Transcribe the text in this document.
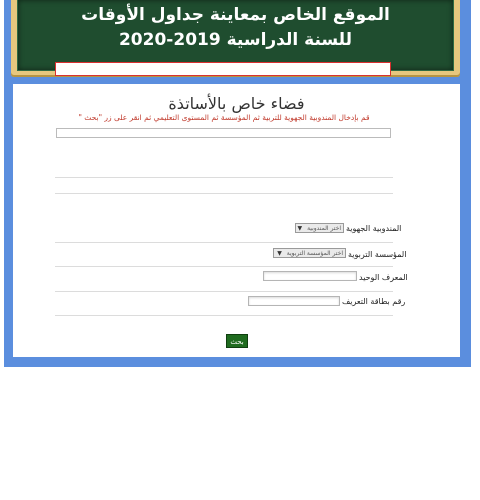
الموقع الخاص بمعاينة جداول الأوقات
للسنة الدراسية 2019-2020
فضاء خاص بالأساتذة
قم بإدخال المندوبية الجهوية للتربية ثم المؤسسة ثم المستوى التعليمي ثم انقر على زر "بحث "
المندوبية الجهوية
اختر المندوبية ▼
المؤسسة التربوية
اختر المؤسسة التربوية ▼
المعرف الوحيد
رقم بطاقة التعريف
بحث
